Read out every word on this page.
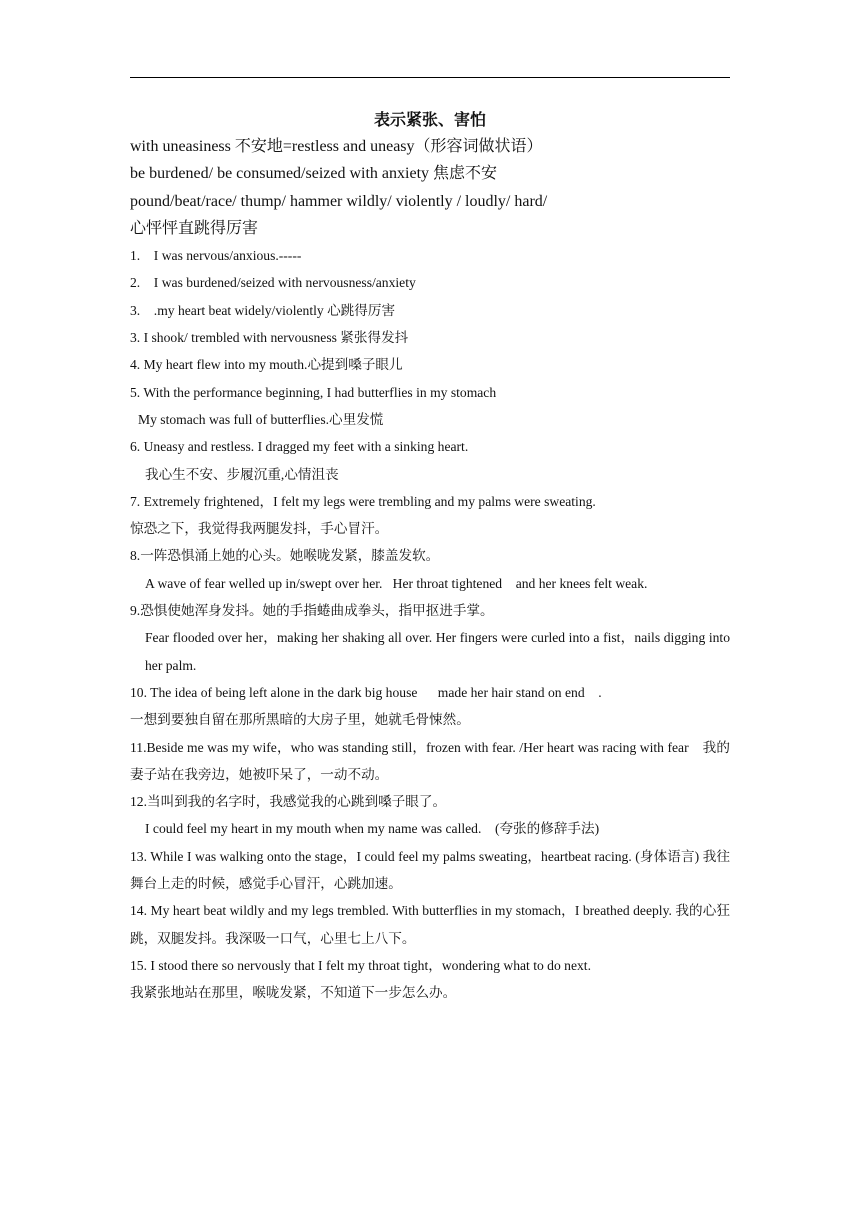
表示紧张、害怕
with uneasiness 不安地=restless and uneasy（形容词做状语）
be burdened/ be consumed/seized with anxiety 焦虑不安
pound/beat/race/ thump/ hammer wildly/ violently / loudly/ hard/
心怦怦直跳得厉害
1.    I was nervous/anxious.-----
2.    I was burdened/seized with nervousness/anxiety
3.    .my heart beat widely/violently 心跳得厉害
3. I shook/ trembled with nervousness 紧张得发抖
4. My heart flew into my mouth.心提到嗓子眼儿
5. With the performance beginning, I had butterflies in my stomach
My stomach was full of butterflies.心里发慌
6. Uneasy and restless. I dragged my feet with a sinking heart.
我心生不安、步履沉重,心情沮丧
7. Extremely frightened，I felt my legs were trembling and my palms were sweating.
惊恐之下，我觉得我两腿发抖，手心冒汗。
8.一阵恐惧涌上她的心头。她喉咙发紧，膝盖发软。
A wave of fear welled up in/swept over her.   Her throat tightened    and her knees felt weak.
9.恐惧使她浑身发抖。她的手指蜷曲成拳头，指甲抠进手掌。
Fear flooded over her，making her shaking all over. Her fingers were curled into a fist，nails digging into her palm.
10. The idea of being left alone in the dark big house      made her hair stand on end    .
一想到要独自留在那所黑暗的大房子里，她就毛骨悚然。
11.Beside me was my wife，who was standing still，frozen with fear. /Her heart was racing with fear    我的妻子站在我旁边，她被吓呆了，一动不动。
12.当叫到我的名字时，我感觉我的心跳到嗓子眼了。
I could feel my heart in my mouth when my name was called.    (夸张的修辞手法)
13. While I was walking onto the stage，I could feel my palms sweating，heartbeat racing. (身体语言) 我往舞台上走的时候，感觉手心冒汗，心跳加速。
14. My heart beat wildly and my legs trembled. With butterflies in my stomach，I breathed deeply. 我的心狂跳，双腿发抖。我深吸一口气，心里七上八下。
15. I stood there so nervously that I felt my throat tight，wondering what to do next.
我紧张地站在那里，喉咙发紧，不知道下一步怎么办。
